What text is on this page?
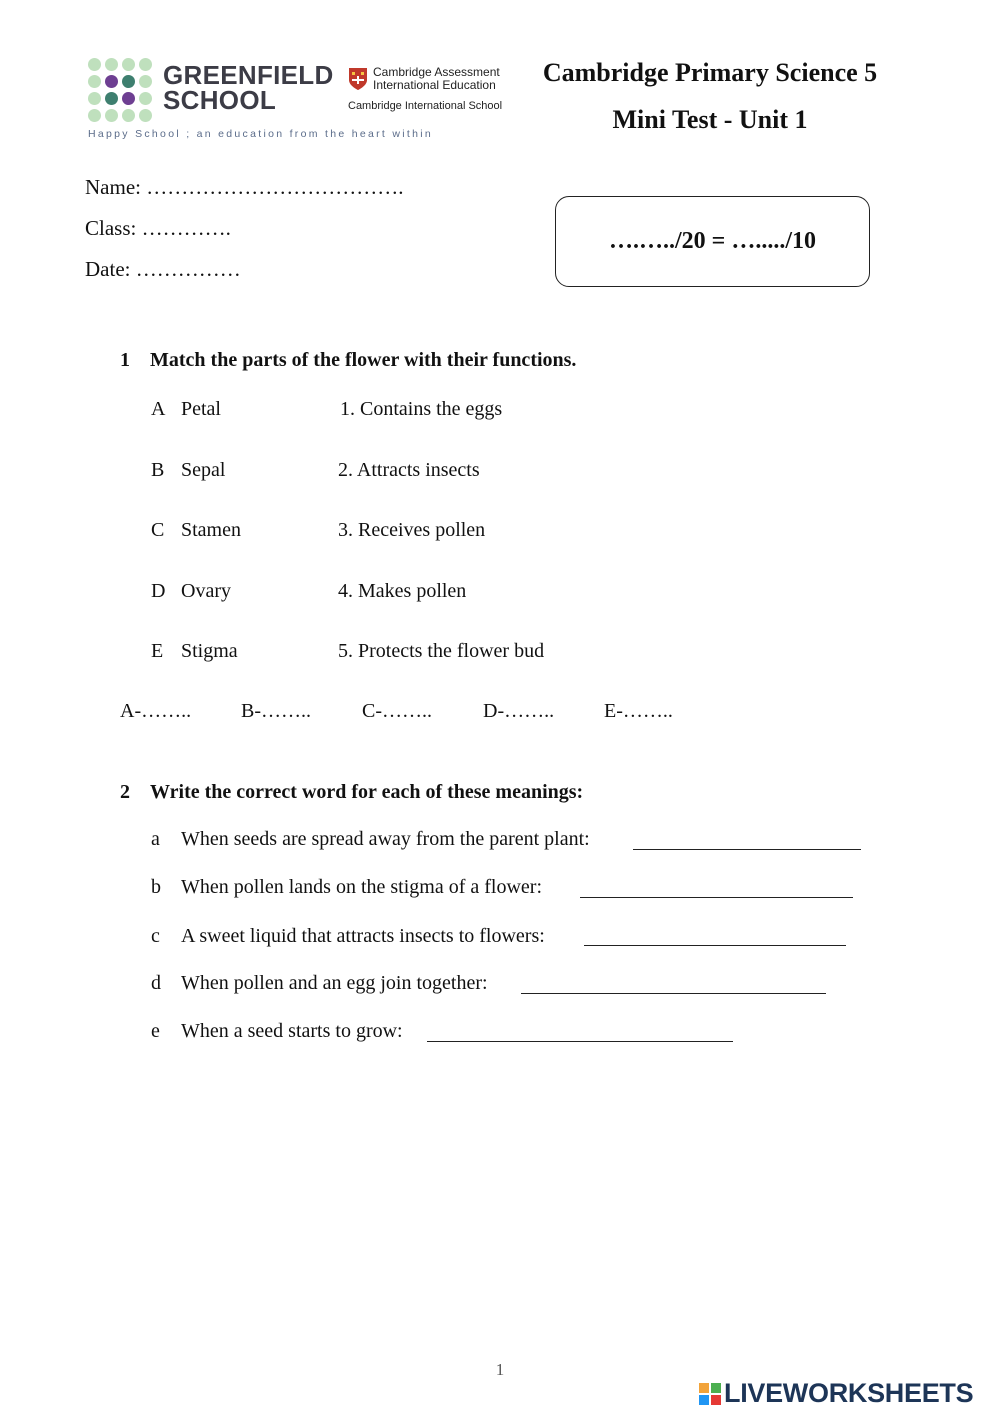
GREENFIELD
SCHOOL
Cambridge Assessment
International Education
Cambridge International School
Happy School ; an education from the heart within
Cambridge Primary Science 5
Mini Test - Unit 1
Name: ……………………………….
Class: ………….
Date: ……………
….…../20 = …...../10
1 Match the parts of the flower with their functions.
A Petal	1. Contains the eggs
B Sepal	2. Attracts insects
C Stamen	3. Receives pollen
D Ovary	4. Makes pollen
E Stigma	5. Protects the flower bud
A-…….. B-……..	C-……..	D-…….. E-……..
2 Write the correct word for each of these meanings:
a When seeds are spread away from the parent plant:
b When pollen lands on the stigma of a flower:
c A sweet liquid that attracts insects to flowers:
d When pollen and an egg join together:
e When a seed starts to grow:
1
LIVEWORKSHEETS
